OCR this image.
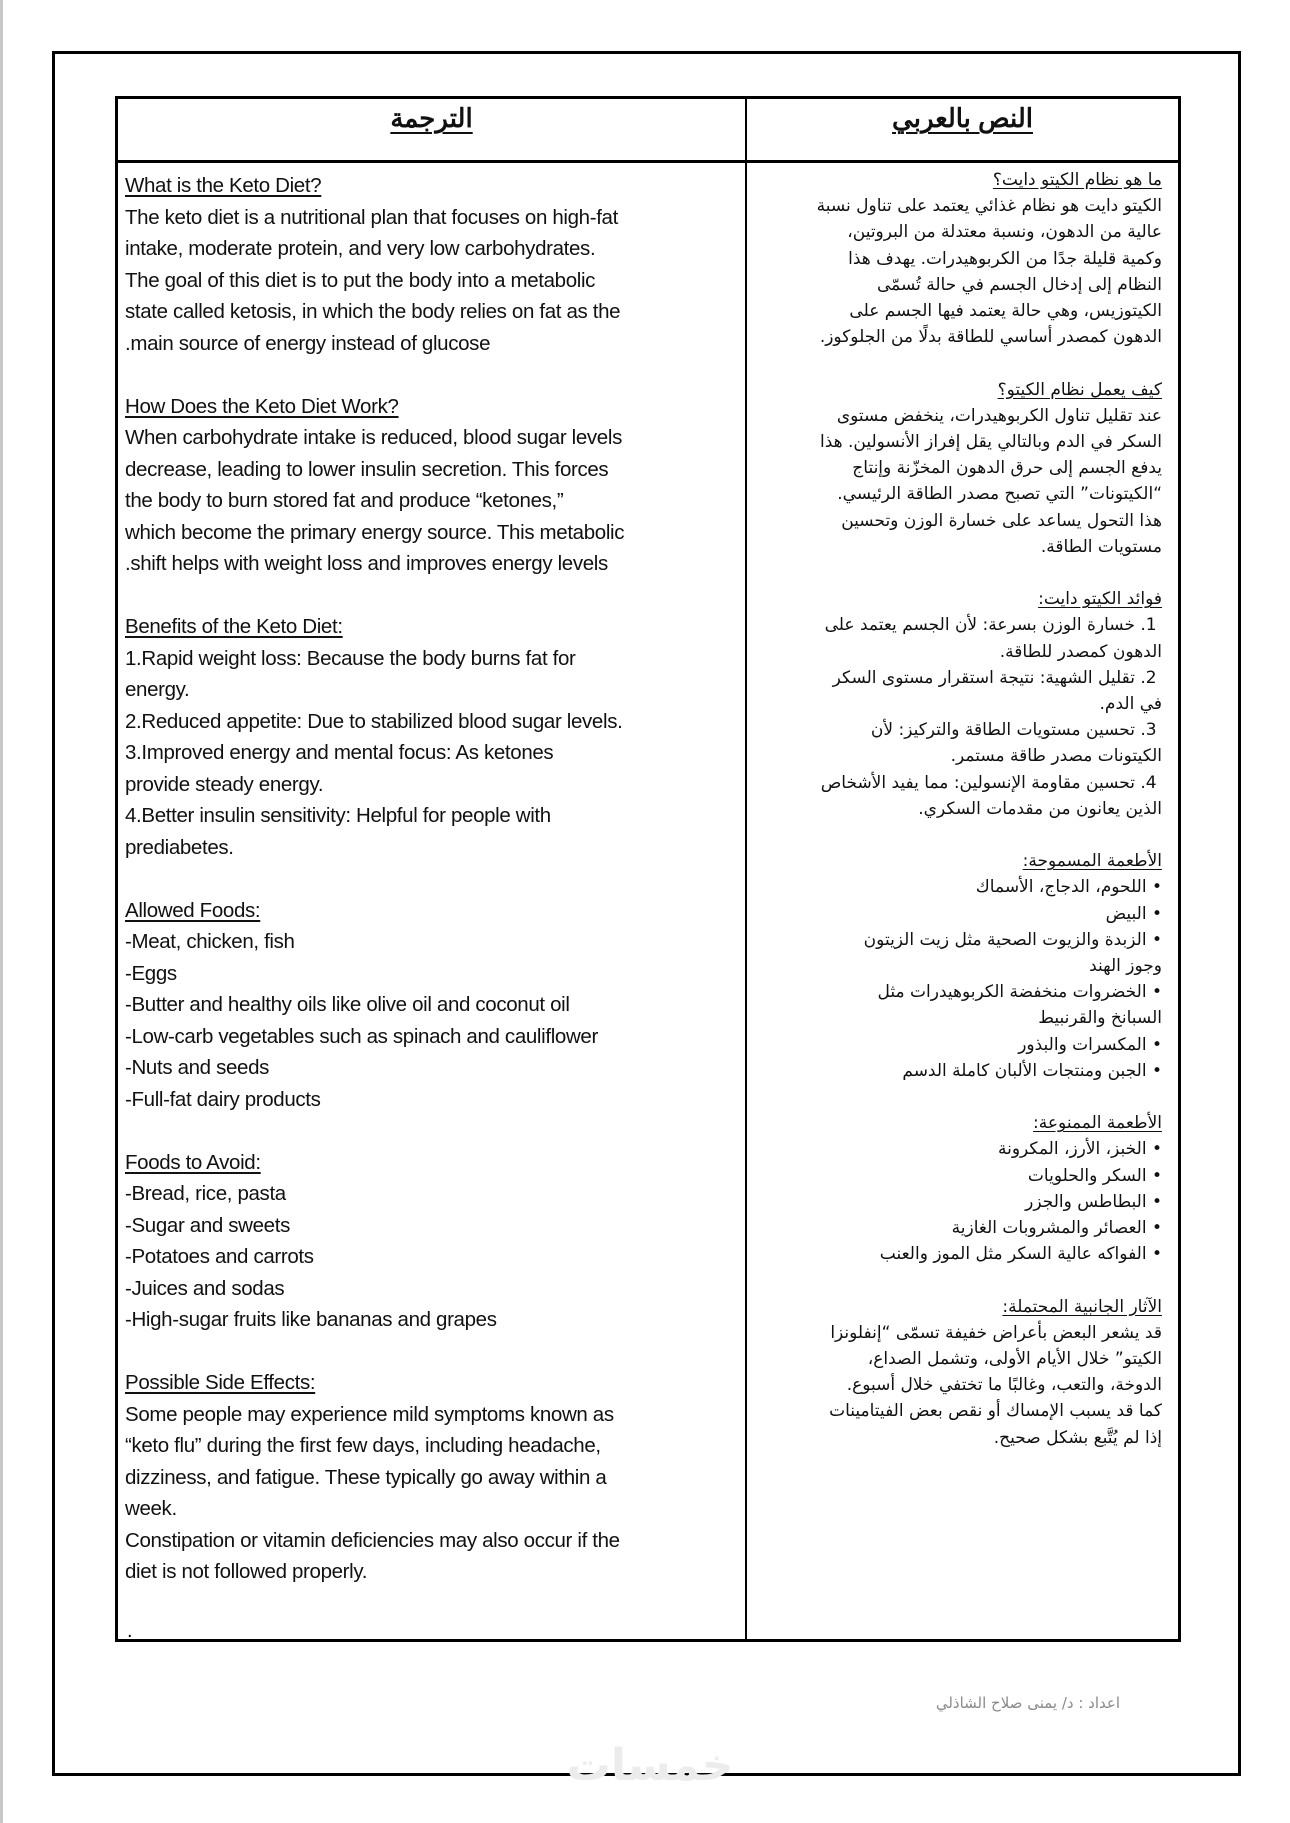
الترجمة	النص بالعربي
What is the Keto Diet?
The keto diet is a nutritional plan that focuses on high-fat
intake, moderate protein, and very low carbohydrates.
The goal of this diet is to put the body into a metabolic
state called ketosis, in which the body relies on fat as the
.main source of energy instead of glucose
How Does the Keto Diet Work?
When carbohydrate intake is reduced, blood sugar levels
decrease, leading to lower insulin secretion. This forces
the body to burn stored fat and produce “ketones,”
which become the primary energy source. This metabolic
.shift helps with weight loss and improves energy levels
Benefits of the Keto Diet:
1.Rapid weight loss: Because the body burns fat for
energy.
2.Reduced appetite: Due to stabilized blood sugar levels.
3.Improved energy and mental focus: As ketones
provide steady energy.
4.Better insulin sensitivity: Helpful for people with
prediabetes.
Allowed Foods:
-Meat, chicken, fish
-Eggs
-Butter and healthy oils like olive oil and coconut oil
-Low-carb vegetables such as spinach and cauliflower
-Nuts and seeds
-Full-fat dairy products
Foods to Avoid:
-Bread, rice, pasta
-Sugar and sweets
-Potatoes and carrots
-Juices and sodas
-High-sugar fruits like bananas and grapes
Possible Side Effects:
Some people may experience mild symptoms known as
“keto flu” during the first few days, including headache,
dizziness, and fatigue. These typically go away within a
week.
Constipation or vitamin deficiencies may also occur if the
diet is not followed properly.
ما هو نظام الكيتو دايت؟
الكيتو دايت هو نظام غذائي يعتمد على تناول نسبة
عالية من الدهون، ونسبة معتدلة من البروتين،
وكمية قليلة جدًا من الكربوهيدرات. يهدف هذا
النظام إلى إدخال الجسم في حالة تُسمّى
الكيتوزيس، وهي حالة يعتمد فيها الجسم على
الدهون كمصدر أساسي للطاقة بدلًا من الجلوكوز.
كيف يعمل نظام الكيتو؟
عند تقليل تناول الكربوهيدرات، ينخفض مستوى
السكر في الدم وبالتالي يقل إفراز الأنسولين. هذا
يدفع الجسم إلى حرق الدهون المخزّنة وإنتاج
“الكيتونات” التي تصبح مصدر الطاقة الرئيسي.
هذا التحول يساعد على خسارة الوزن وتحسين
مستويات الطاقة.
فوائد الكيتو دايت:
1. خسارة الوزن بسرعة: لأن الجسم يعتمد على
الدهون كمصدر للطاقة.
2. تقليل الشهية: نتيجة استقرار مستوى السكر
في الدم.
3. تحسين مستويات الطاقة والتركيز: لأن
الكيتونات مصدر طاقة مستمر.
4. تحسين مقاومة الإنسولين: مما يفيد الأشخاص
الذين يعانون من مقدمات السكري.
الأطعمة المسموحة:
• اللحوم، الدجاج، الأسماك
• البيض
• الزبدة والزيوت الصحية مثل زيت الزيتون
وجوز الهند
• الخضروات منخفضة الكربوهيدرات مثل
السبانخ والقرنبيط
• المكسرات والبذور
• الجبن ومنتجات الألبان كاملة الدسم
الأطعمة الممنوعة:
• الخبز، الأرز، المكرونة
• السكر والحلويات
• البطاطس والجزر
• العصائر والمشروبات الغازية
• الفواكه عالية السكر مثل الموز والعنب
الآثار الجانبية المحتملة:
قد يشعر البعض بأعراض خفيفة تسمّى “إنفلونزا
الكيتو” خلال الأيام الأولى، وتشمل الصداع،
الدوخة، والتعب، وغالبًا ما تختفي خلال أسبوع.
كما قد يسبب الإمساك أو نقص بعض الفيتامينات
إذا لم يُتَّبع بشكل صحيح.
.
اعداد : د/ يمنى صلاح الشاذلي
خمسات
